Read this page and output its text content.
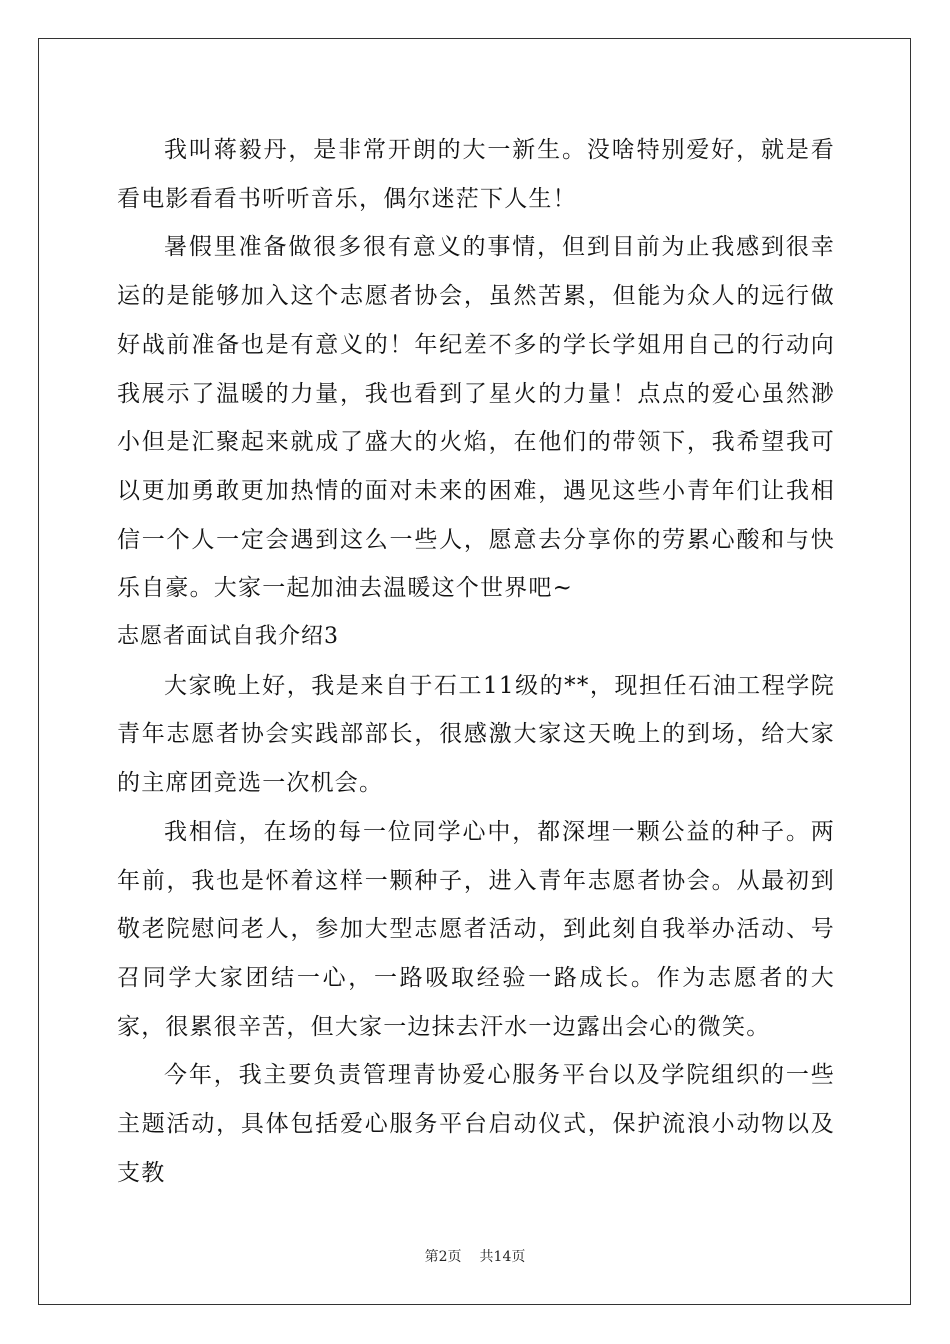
我叫蒋毅丹，是非常开朗的大一新生。没啥特别爱好，就是看看电影看看书听听音乐，偶尔迷茫下人生！

暑假里准备做很多很有意义的事情，但到目前为止我感到很幸运的是能够加入这个志愿者协会，虽然苦累，但能为众人的远行做好战前准备也是有意义的！年纪差不多的学长学姐用自己的行动向我展示了温暖的力量，我也看到了星火的力量！点点的爱心虽然渺小但是汇聚起来就成了盛大的火焰，在他们的带领下，我希望我可以更加勇敢更加热情的面对未来的困难，遇见这些小青年们让我相信一个人一定会遇到这么一些人，愿意去分享你的劳累心酸和与快乐自豪。大家一起加油去温暖这个世界吧~

志愿者面试自我介绍3

大家晚上好，我是来自于石工11级的**，现担任石油工程学院青年志愿者协会实践部部长，很感激大家这天晚上的到场，给大家的主席团竞选一次机会。

我相信，在场的每一位同学心中，都深埋一颗公益的种子。两年前，我也是怀着这样一颗种子，进入青年志愿者协会。从最初到敬老院慰问老人，参加大型志愿者活动，到此刻自我举办活动、号召同学大家团结一心，一路吸取经验一路成长。作为志愿者的大家，很累很辛苦，但大家一边抹去汗水一边露出会心的微笑。

今年，我主要负责管理青协爱心服务平台以及学院组织的一些主题活动，具体包括爱心服务平台启动仪式，保护流浪小动物以及支教

第2页 共14页
